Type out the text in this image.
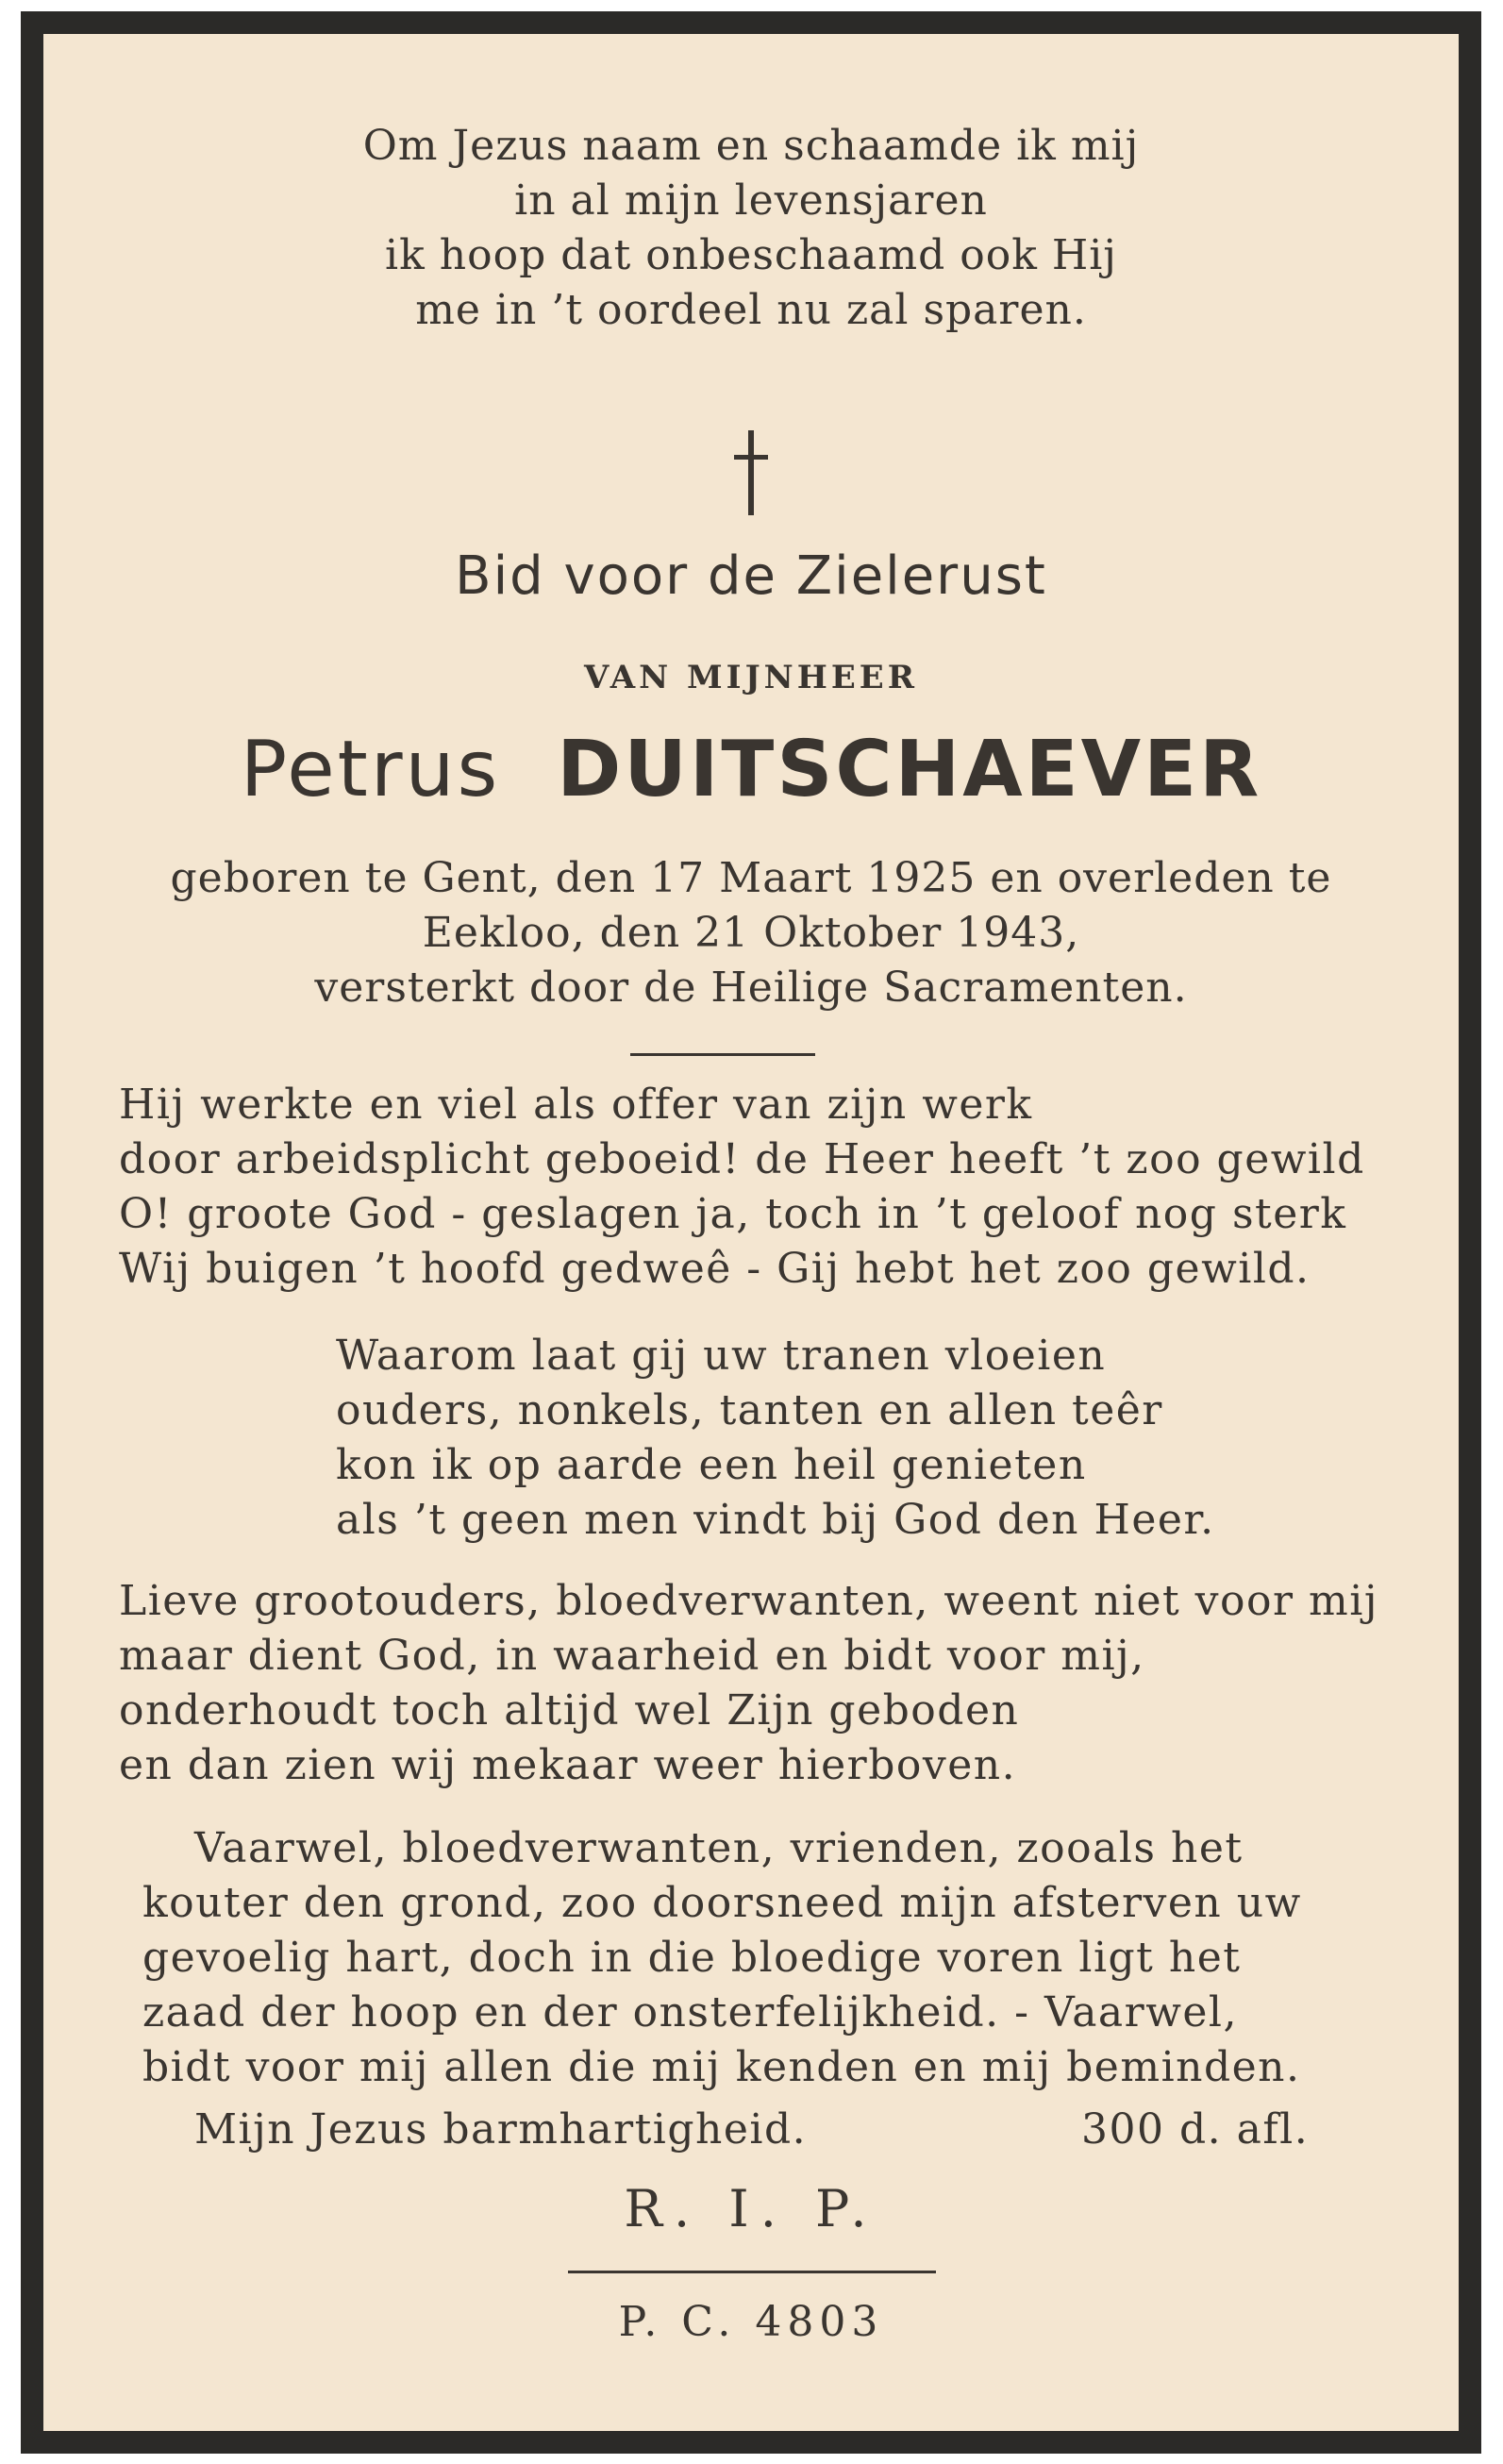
Om Jezus naam en schaamde ik mij
in al mijn levensjaren
ik hoop dat onbeschaamd ook Hij
me in ’t oordeel nu zal sparen.
Bid voor de Zielerust
VAN MIJNHEER
Petrus DUITSCHAEVER
geboren te Gent, den 17 Maart 1925 en overleden te
Eekloo, den 21 Oktober 1943,
versterkt door de Heilige Sacramenten.
Hij werkte en viel als offer van zijn werk
door arbeidsplicht geboeid! de Heer heeft ’t zoo gewild
O! groote God - geslagen ja, toch in ’t geloof nog sterk
Wij buigen ’t hoofd gedweê - Gij hebt het zoo gewild.
Waarom laat gij uw tranen vloeien
ouders, nonkels, tanten en allen teêr
kon ik op aarde een heil genieten
als ’t geen men vindt bij God den Heer.
Lieve grootouders, bloedverwanten, weent niet voor mij
maar dient God, in waarheid en bidt voor mij,
onderhoudt toch altijd wel Zijn geboden
en dan zien wij mekaar weer hierboven.
Vaarwel, bloedverwanten, vrienden, zooals het
kouter den grond, zoo doorsneed mijn afsterven uw
gevoelig hart, doch in die bloedige voren ligt het
zaad der hoop en der onsterfelijkheid. - Vaarwel,
bidt voor mij allen die mij kenden en mij beminden.
Mijn Jezus barmhartigheid.	300 d. afl.
R. I. P.
P. C. 4803
